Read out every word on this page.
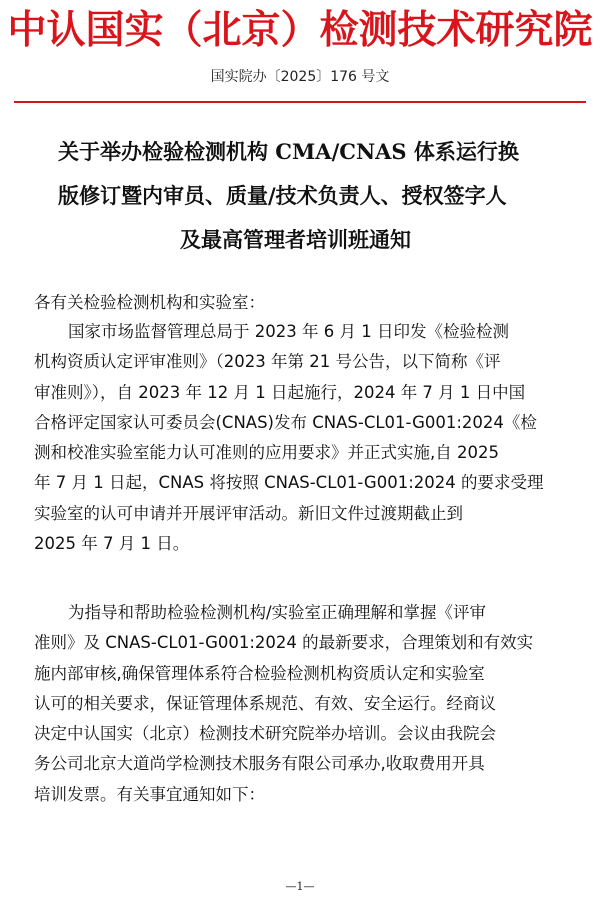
中认国实（北京）检测技术研究院
国实院办〔2025〕176 号文
关于举办检验检测机构 CMA/CNAS 体系运行换
版修订暨内审员、质量/技术负责人、授权签字人
及最高管理者培训班通知
各有关检验检测机构和实验室：
国家市场监督管理总局于 2023 年 6 月 1 日印发《检验检测
机构资质认定评审准则》（2023 年第 21 号公告，以下简称《评
审准则》），自 2023 年 12 月 1 日起施行，2024 年 7 月 1 日中国
合格评定国家认可委员会(CNAS)发布 CNAS-CL01-G001:2024《检
测和校准实验室能力认可准则的应用要求》并正式实施,自 2025
年 7 月 1 日起，CNAS 将按照 CNAS-CL01-G001:2024 的要求受理
实验室的认可申请并开展评审活动。新旧文件过渡期截止到
2025 年 7 月 1 日。
为指导和帮助检验检测机构/实验室正确理解和掌握《评审
准则》及 CNAS-CL01-G001:2024 的最新要求，合理策划和有效实
施内部审核,确保管理体系符合检验检测机构资质认定和实验室
认可的相关要求，保证管理体系规范、有效、安全运行。经商议
决定中认国实（北京）检测技术研究院举办培训。会议由我院会
务公司北京大道尚学检测技术服务有限公司承办,收取费用开具
培训发票。有关事宜通知如下：
—1—
